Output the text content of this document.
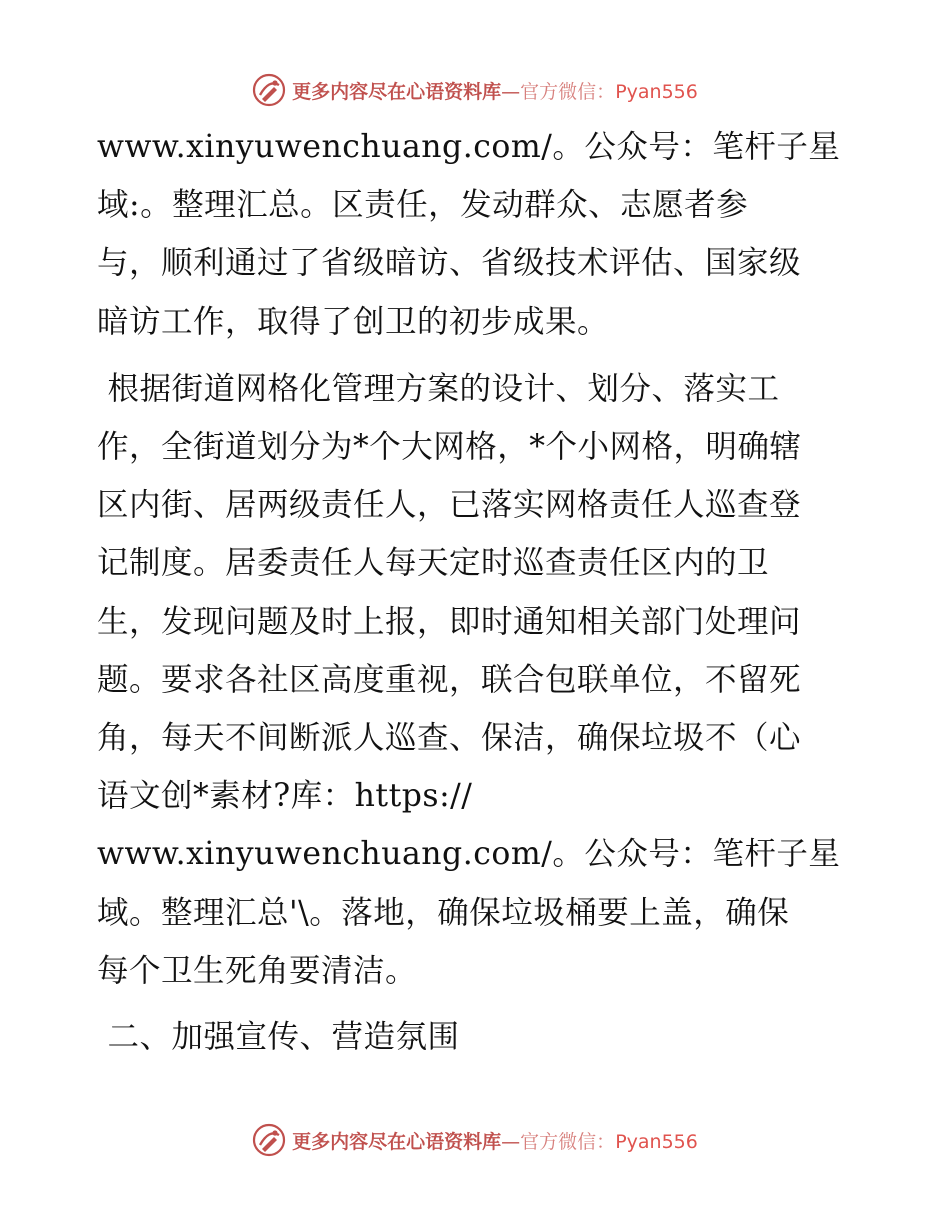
更多内容尽在心语资料库—官方微信：Pyan556

www.xinyuwenchuang.com/。公众号：笔杆子星

域:。整理汇总。区责任，发动群众、志愿者参

与，顺利通过了省级暗访、省级技术评估、国家级

暗访工作，取得了创卫的初步成果。

根据街道网格化管理方案的设计、划分、落实工

作，全街道划分为*个大网格，*个小网格，明确辖

区内街、居两级责任人，已落实网格责任人巡查登

记制度。居委责任人每天定时巡查责任区内的卫

生，发现问题及时上报，即时通知相关部门处理问

题。要求各社区高度重视，联合包联单位，不留死

角，每天不间断派人巡查、保洁，确保垃圾不（心

语文创*素材?库：https://

www.xinyuwenchuang.com/。公众号：笔杆子星

域。整理汇总'\。落地，确保垃圾桶要上盖，确保

每个卫生死角要清洁。

二、加强宣传、营造氛围

更多内容尽在心语资料库—官方微信：Pyan556
